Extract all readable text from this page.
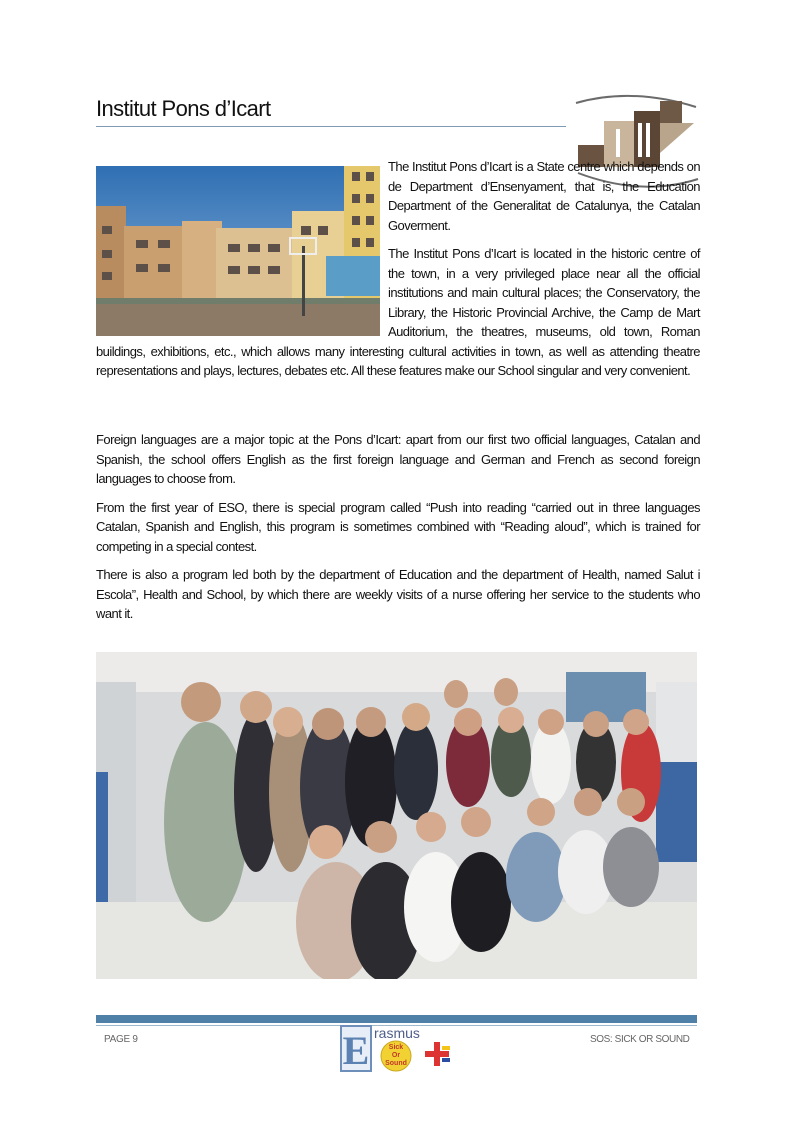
Institut Pons d’Icart

The Institut Pons d’Icart is a State centre which depends on de Department d’Ensenyament, that is, the Education Department of the Generalitat de Catalunya, the Catalan Goverment.

The Institut Pons d’Icart is located in the historic centre of the town, in a very privileged place near all the official institutions and main cultural places; the Conservatory, the Library, the Historic Provincial Archive, the Camp de Mart Auditorium, the theatres, museums, old town, Roman buildings, exhibitions, etc., which allows many interesting cultural activities in town, as well as attending theatre representations and plays, lectures, debates etc. All these features make our School singular and very convenient.

Foreign languages are a major topic at the Pons d’Icart: apart from our first two official languages, Catalan and Spanish, the school offers English as the first foreign language and German and French as second foreign languages to choose from.

From the first year of ESO, there is special program called “Push into reading “carried out in three languages Catalan, Spanish and English, this program is sometimes combined with “Reading aloud”, which is trained for competing in a special contest.

There is also a program led both by the department of Education and the department of Health, named Salut i Escola”, Health and School, by which there are weekly visits of a nurse offering her service to the students who want it.

PAGE 9	SOS: SICK OR SOUND
E rasmus
Sick
Or
Sound
